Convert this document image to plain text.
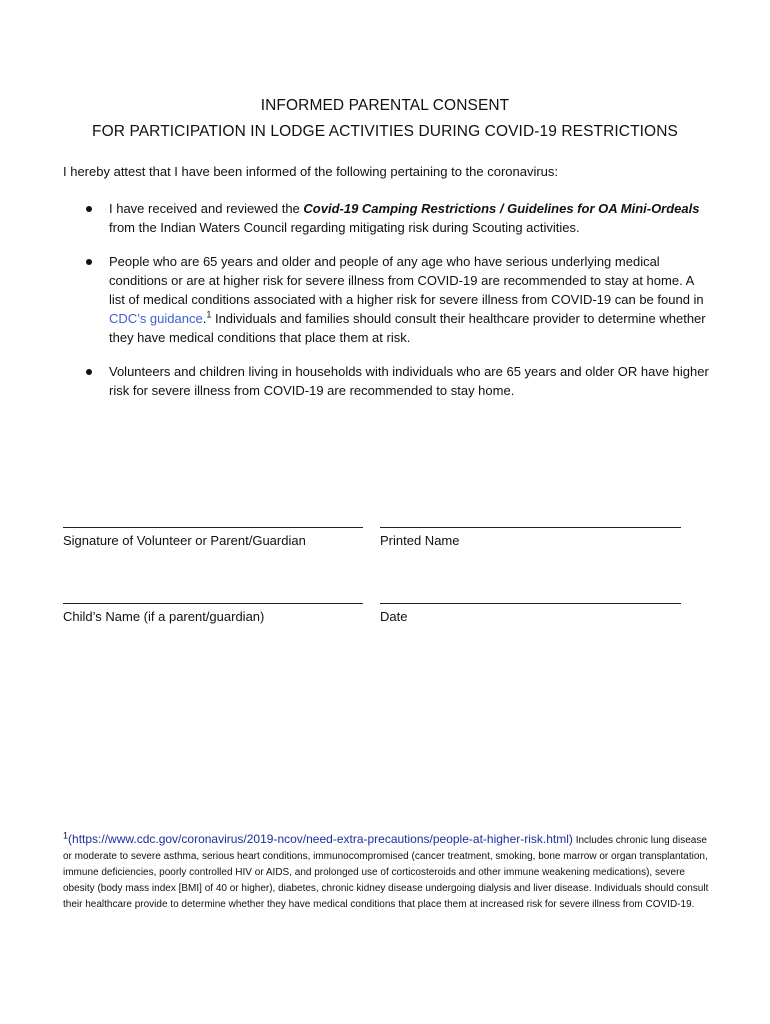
INFORMED PARENTAL CONSENT
FOR PARTICIPATION IN LODGE ACTIVITIES DURING COVID-19 RESTRICTIONS
I hereby attest that I have been informed of the following pertaining to the coronavirus:
I have received and reviewed the Covid-19 Camping Restrictions / Guidelines for OA Mini-Ordeals from the Indian Waters Council regarding mitigating risk during Scouting activities.
People who are 65 years and older and people of any age who have serious underlying medical conditions or are at higher risk for severe illness from COVID-19 are recommended to stay at home. A list of medical conditions associated with a higher risk for severe illness from COVID-19 can be found in CDC’s guidance.$^1$ Individuals and families should consult their healthcare provider to determine whether they have medical conditions that place them at risk.
Volunteers and children living in households with individuals who are 65 years and older OR have higher risk for severe illness from COVID-19 are recommended to stay home.
Signature of Volunteer or Parent/Guardian	Printed Name
Child’s Name (if a parent/guardian)	Date
$^1$(https://www.cdc.gov/coronavirus/2019-ncov/need-extra-precautions/people-at-higher-risk.html) Includes chronic lung disease or moderate to severe asthma, serious heart conditions, immunocompromised (cancer treatment, smoking, bone marrow or organ transplantation, immune deficiencies, poorly controlled HIV or AIDS, and prolonged use of corticosteroids and other immune weakening medications), severe obesity (body mass index [BMI] of 40 or higher), diabetes, chronic kidney disease undergoing dialysis and liver disease. Individuals should consult their healthcare provide to determine whether they have medical conditions that place them at increased risk for severe illness from COVID-19.
